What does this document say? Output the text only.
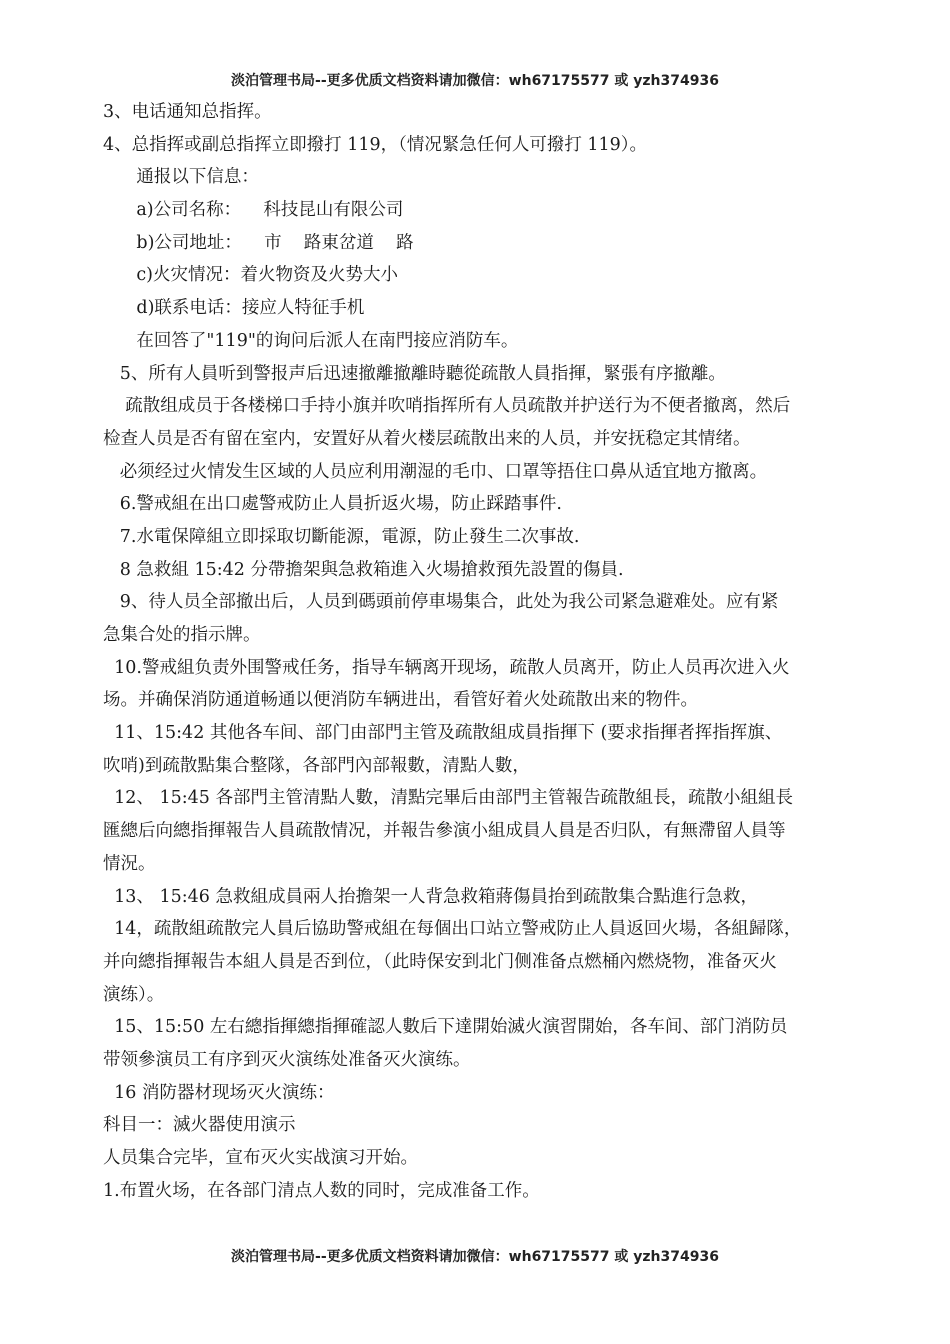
淡泊管理书局--更多优质文档资料请加微信：wh67175577 或 yzh374936
3、电话通知总指挥。
4、总指挥或副总指挥立即撥打 119，（情况緊急任何人可撥打 119）。
通报以下信息：
a)公司名称：    科技昆山有限公司
b)公司地址：    市    路東岔道    路
c)火灾情况：着火物资及火势大小
d)联系电话：接应人特征手机
在回答了"119"的询问后派人在南門接应消防车。
5、所有人員听到警报声后迅速撤離撤離時聽從疏散人員指揮，緊張有序撤離。
疏散组成员于各楼梯口手持小旗并吹哨指挥所有人员疏散并护送行为不便者撤离，然后
检查人员是否有留在室内，安置好从着火楼层疏散出来的人员，并安抚稳定其情绪。
必须经过火情发生区域的人员应利用潮湿的毛巾、口罩等捂住口鼻从适宜地方撤离。
6.警戒組在出口處警戒防止人員折返火場，防止踩踏事件.
7.水電保障組立即採取切斷能源，電源，防止發生二次事故.
8 急救組 15:42 分帶擔架與急救箱進入火場搶救預先設置的傷員.
9、待人员全部撤出后，人员到碼頭前停車場集合，此处为我公司紧急避难处。应有紧
急集合处的指示牌。
10.警戒組负责外围警戒任务，指导车辆离开现场，疏散人员离开，防止人员再次进入火
场。并确保消防通道畅通以便消防车辆进出，看管好着火处疏散出来的物件。
11、15:42 其他各车间、部门由部門主管及疏散組成員指揮下 (要求指揮者挥指挥旗、
吹哨)到疏散點集合整隊，各部門內部報數，清點人數，
12、 15:45 各部門主管清點人數，清點完畢后由部門主管報告疏散組長，疏散小組組長
匯總后向總指揮報告人員疏散情况，并報告參演小組成員人員是否归队，有無滯留人員等
情況。
13、 15:46 急救組成員兩人抬擔架一人背急救箱蔣傷員抬到疏散集合點進行急救，
14，疏散組疏散完人員后協助警戒組在每個出口站立警戒防止人員返回火場，各組歸隊，
并向總指揮報告本組人員是否到位，（此時保安到北门侧准备点燃桶內燃烧物，准备灭火
演练）。
15、15:50 左右總指揮總指揮確認人數后下達開始滅火演習開始，各车间、部门消防员
带领參演员工有序到灭火演练处准备灭火演练。
16 消防器材现场灭火演练：
科目一：滅火器使用演示
人员集合完毕，宣布灭火实战演习开始。
1.布置火场，在各部门清点人数的同时，完成准备工作。
淡泊管理书局--更多优质文档资料请加微信：wh67175577 或 yzh374936
